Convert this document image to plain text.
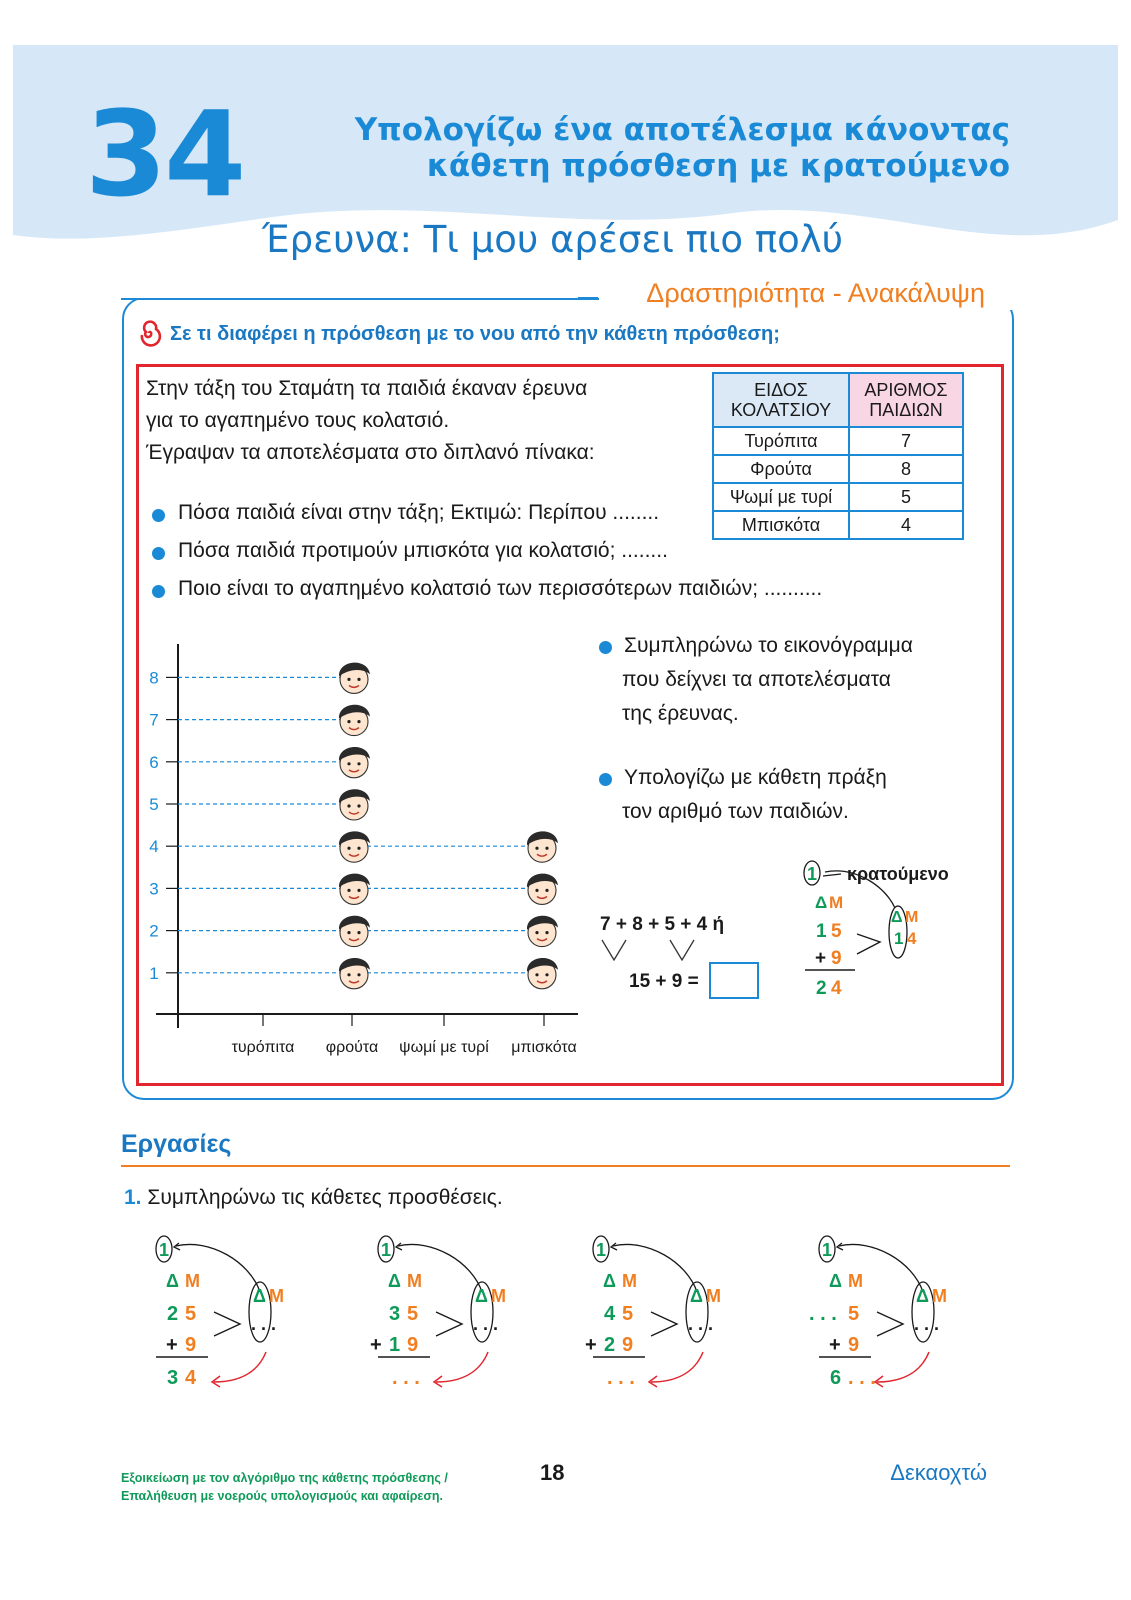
34	Υπολογίζω ένα αποτέλεσμα κάνοντας
κάθετη πρόσθεση με κρατούμενο
Έρευνα: Τι μου αρέσει πιο πολύ
Δραστηριότητα - Ανακάλυψη
Σε τι διαφέρει η πρόσθεση με το νου από την κάθετη πρόσθεση;
Στην τάξη του Σταμάτη τα παιδιά έκαναν έρευνα
για το αγαπημένο τους κολατσιό.
Έγραψαν τα αποτελέσματα στο διπλανό πίνακα:
Πόσα παιδιά είναι στην τάξη; Εκτιμώ: Περίπου ........
Πόσα παιδιά προτιμούν μπισκότα για κολατσιό; ........
Ποιο είναι το αγαπημένο κολατσιό των περισσότερων παιδιών; ..........
ΕΙΔΟΣ
ΚΟΛΑΤΣΙΟΥ	ΑΡΙΘΜΟΣ
ΠΑΙΔΙΩΝ
Τυρόπιτα	7
Φρούτα	8
Ψωμί με τυρί	5
Μπισκότα	4
1
2
3
4
5
6
7
8
τυρόπιτα φρούτα ψωμί με τυρί μπισκότα
Συμπληρώνω το εικονόγραμμα
που δείχνει τα αποτελέσματα
της έρευνας.
Υπολογίζω με κάθετη πράξη
τον αριθμό των παιδιών.
7 + 8 + 5 + 4 ή
15 + 9 =
1 κρατούμενο
Δ Μ
1 5
+ 9
2 4
Δ Μ
1 4
Εργασίες
1. Συμπληρώνω τις κάθετες προσθέσεις.
1
Δ Μ
2 5
+ 9
3 4
Δ Μ
. . .
1
Δ Μ
3 5
+ 1 9
. . .
Δ Μ
. . .
1
Δ Μ
4 5
+ 2 9
. . .
Δ Μ
. . .
1
Δ Μ
. . . 5
+ 9
6 . . .
Δ Μ
. . .
Εξοικείωση με τον αλγόριθμο της κάθετης πρόσθεσης /
Επαλήθευση με νοερούς υπολογισμούς και αφαίρεση.
18	Δεκαοχτώ
